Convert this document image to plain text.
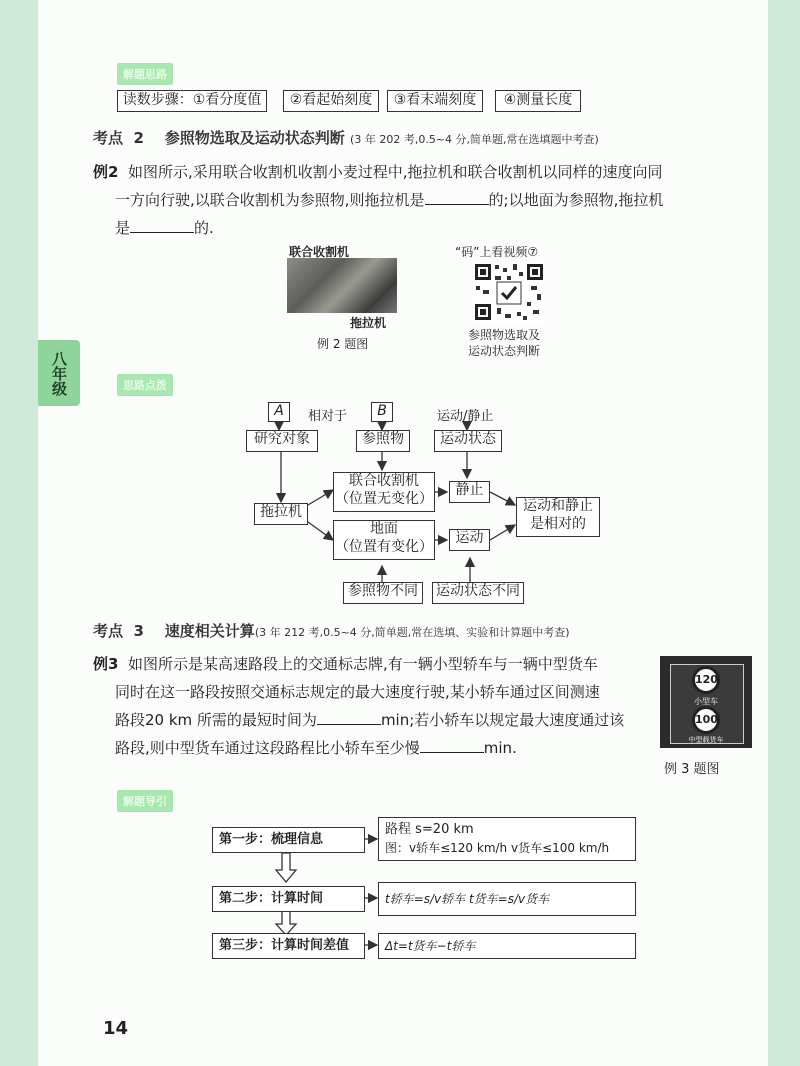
八年级
解题思路
读数步骤：①看分度值	②看起始刻度	③看末端刻度	④测量长度
考点 2 参照物选取及运动状态判断 (3 年 202 考,0.5~4 分,简单题,常在选填题中考查)
例2 如图所示,采用联合收割机收割小麦过程中,拖拉机和联合收割机以同样的速度向同
一方向行驶,以联合收割机为参照物,则拖拉机是	的;以地面为参照物,拖拉机
是	的.
联合收割机
拖拉机
例 2 题图
“码”上看视频⑦
参照物选取及
运动状态判断
思路点拨
A	相对于	B	运动/静止
研究对象	参照物	运动状态
拖拉机
联合收割机
（位置无变化）
地面
（位置有变化）
静止
运动
运动和静止
是相对的
参照物不同	运动状态不同
考点 3 速度相关计算(3 年 212 考,0.5~4 分,简单题,常在选填、实验和计算题中考查)
例3 如图所示是某高速路段上的交通标志牌,有一辆小型轿车与一辆中型货车
同时在这一路段按照交通标志规定的最大速度行驶,某小轿车通过区间测速
路段20 km 所需的最短时间为	min;若小轿车以规定最大速度通过该
路段,则中型货车通过这段路程比小轿车至少慢	min.
120
小型车
100
中型载货车
例 3 题图
解题导引
第一步：梳理信息
路程 s=20 km
图：v轿车≤120 km/h v货车≤100 km/h
第二步：计算时间	t轿车=s/v轿车 t货车=s/v货车
第三步：计算时间差值	Δt=t货车−t轿车
14
